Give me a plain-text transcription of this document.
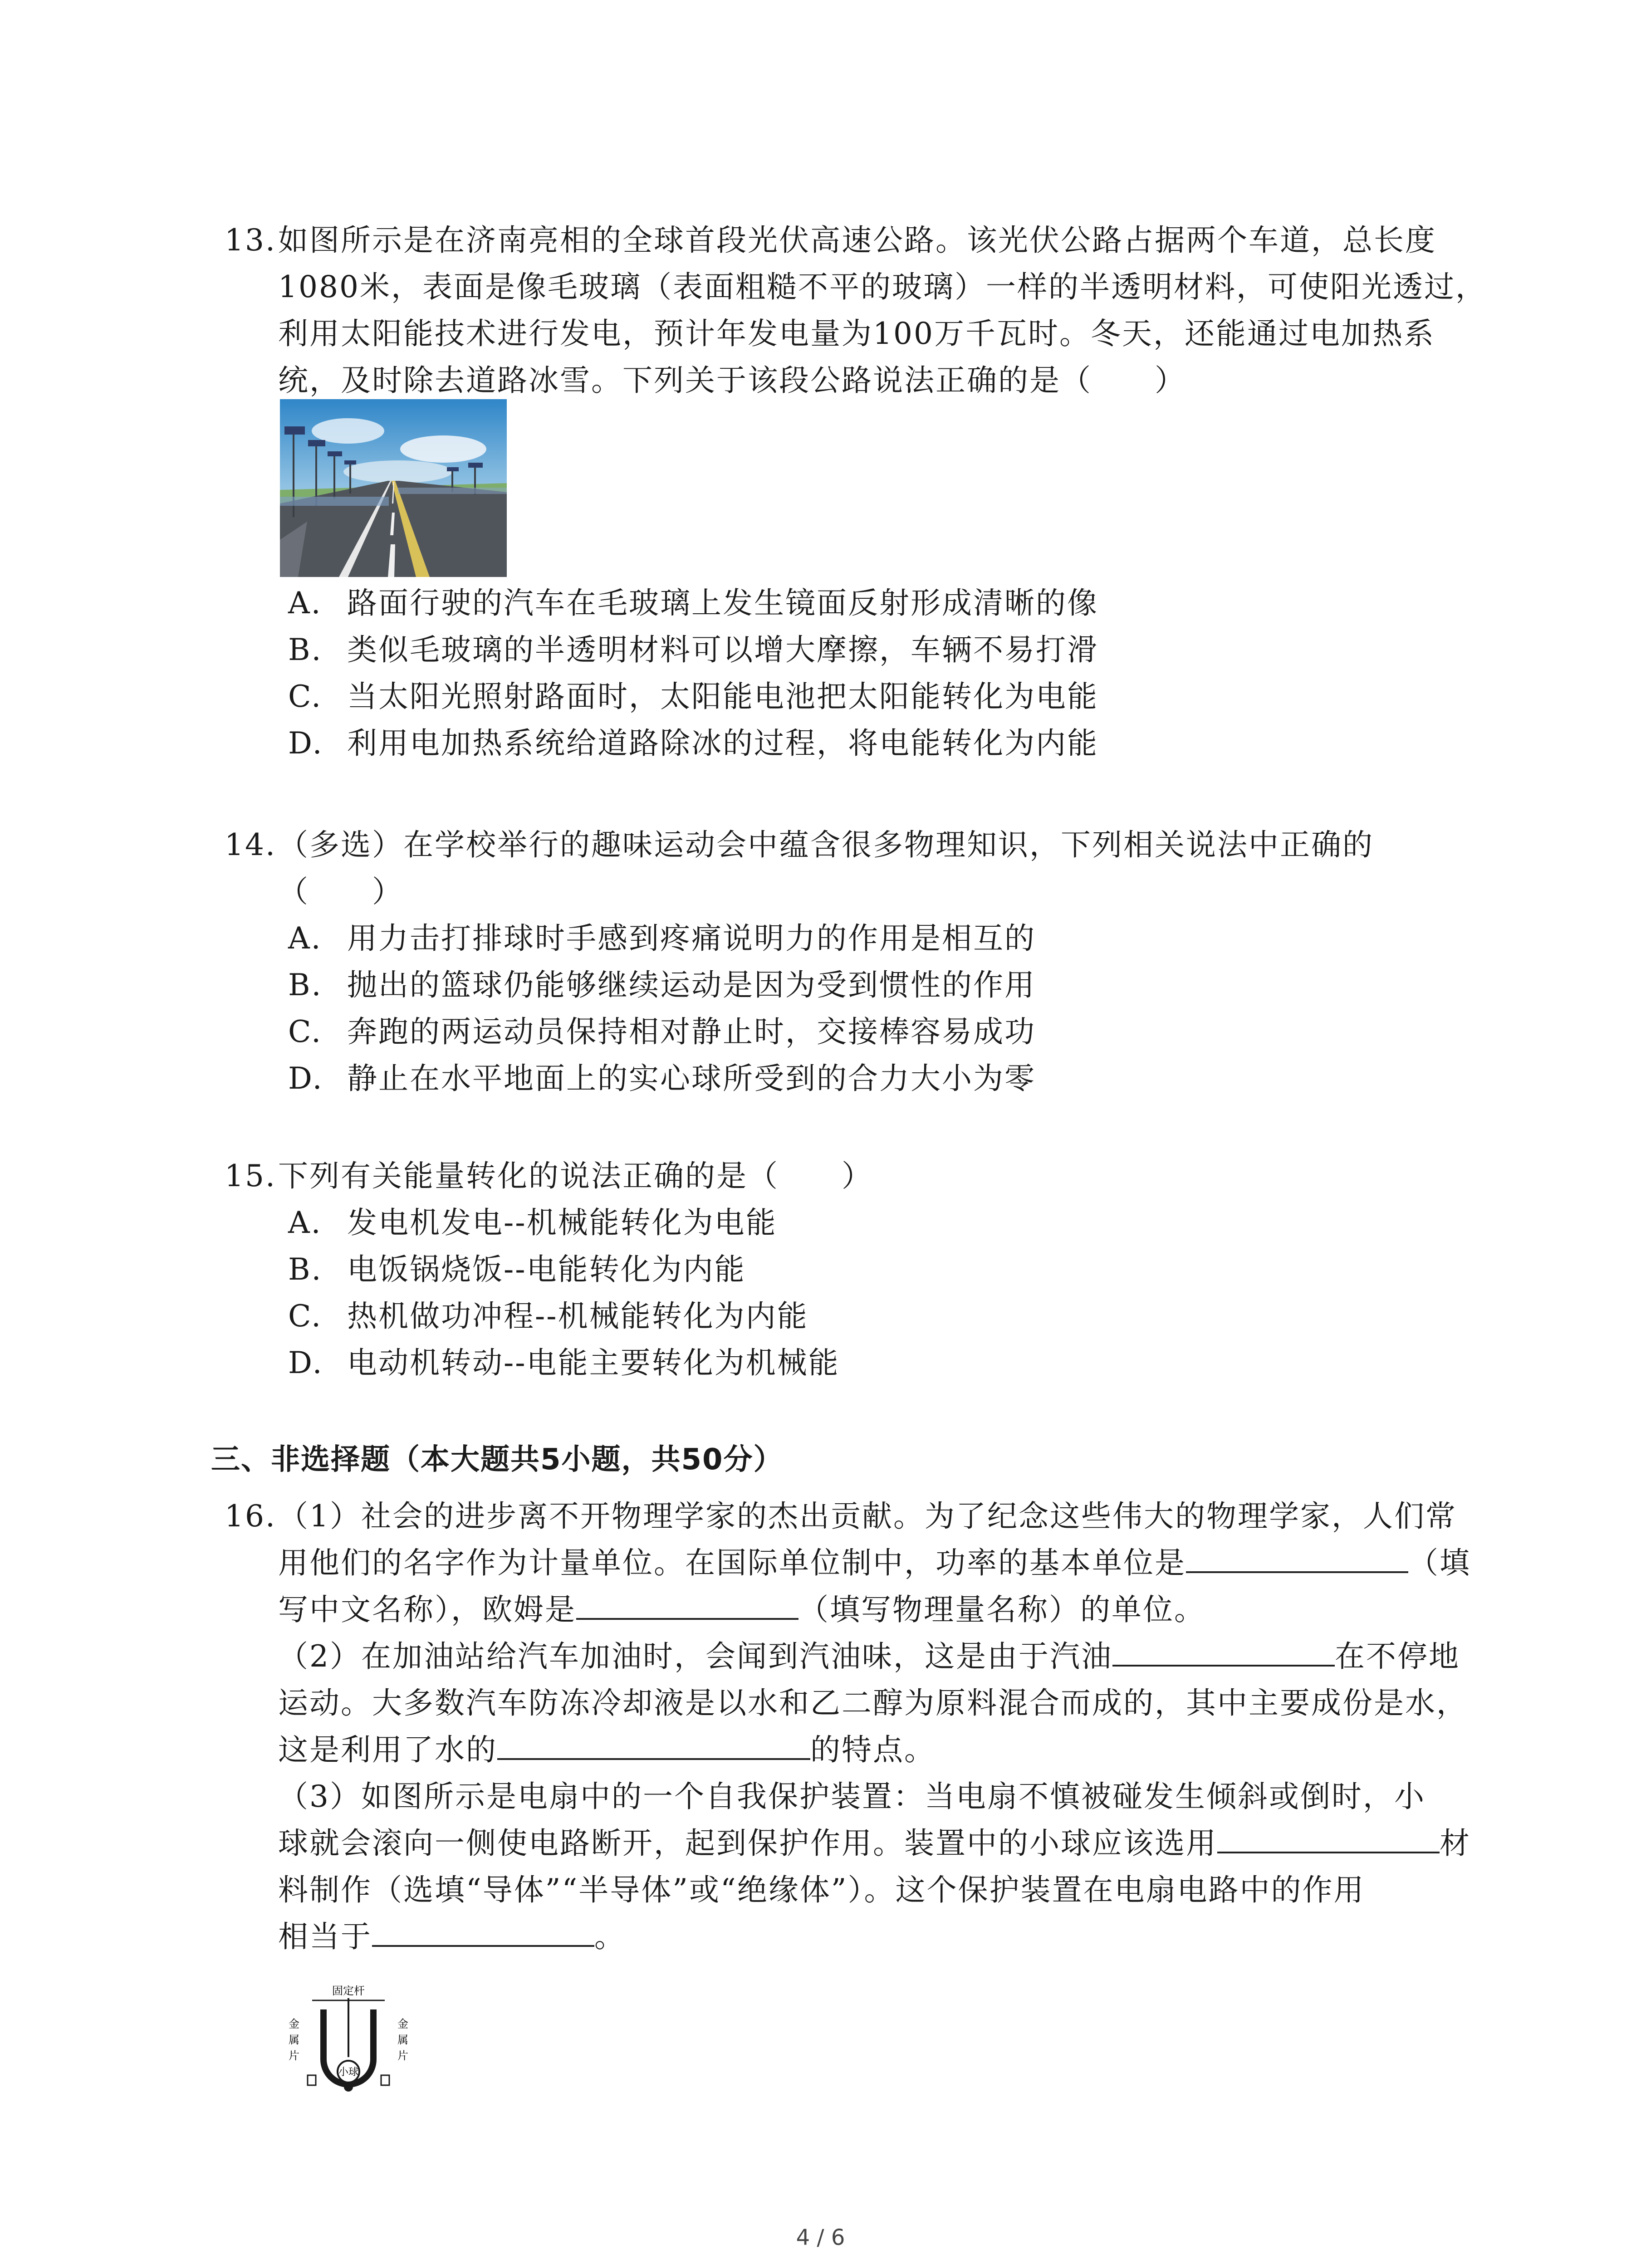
13.如图所示是在济南亮相的全球首段光伏高速公路。该光伏公路占据两个车道，总长度
1080米，表面是像毛玻璃（表面粗糙不平的玻璃）一样的半透明材料，可使阳光透过，
利用太阳能技术进行发电，预计年发电量为100万千瓦时。冬天，还能通过电加热系
统，及时除去道路冰雪。下列关于该段公路说法正确的是（　　）
A. 路面行驶的汽车在毛玻璃上发生镜面反射形成清晰的像
B. 类似毛玻璃的半透明材料可以增大摩擦，车辆不易打滑
C. 当太阳光照射路面时，太阳能电池把太阳能转化为电能
D. 利用电加热系统给道路除冰的过程，将电能转化为内能
14.（多选）在学校举行的趣味运动会中蕴含很多物理知识，下列相关说法中正确的
（　　）
A. 用力击打排球时手感到疼痛说明力的作用是相互的
B. 抛出的篮球仍能够继续运动是因为受到惯性的作用
C. 奔跑的两运动员保持相对静止时，交接棒容易成功
D. 静止在水平地面上的实心球所受到的合力大小为零
15.下列有关能量转化的说法正确的是（　　）
A. 发电机发电--机械能转化为电能
B. 电饭锅烧饭--电能转化为内能
C. 热机做功冲程--机械能转化为内能
D. 电动机转动--电能主要转化为机械能
三、非选择题（本大题共5小题，共50分）
16.（1）社会的进步离不开物理学家的杰出贡献。为了纪念这些伟大的物理学家，人们常
用他们的名字作为计量单位。在国际单位制中，功率的基本单位是	（填
写中文名称），欧姆是	（填写物理量名称）的单位。
（2）在加油站给汽车加油时，会闻到汽油味，这是由于汽油	在不停地
运动。大多数汽车防冻冷却液是以水和乙二醇为原料混合而成的，其中主要成份是水，
这是利用了水的	的特点。
（3）如图所示是电扇中的一个自我保护装置：当电扇不慎被碰发生倾斜或倒时，小
球就会滚向一侧使电路断开，起到保护作用。装置中的小球应该选用	材
料制作（选填“导体”“半导体”或“绝缘体”）。这个保护装置在电扇电路中的作用
相当于	。
固定杆
小球
金
属
片
金
属
片
4 / 6
